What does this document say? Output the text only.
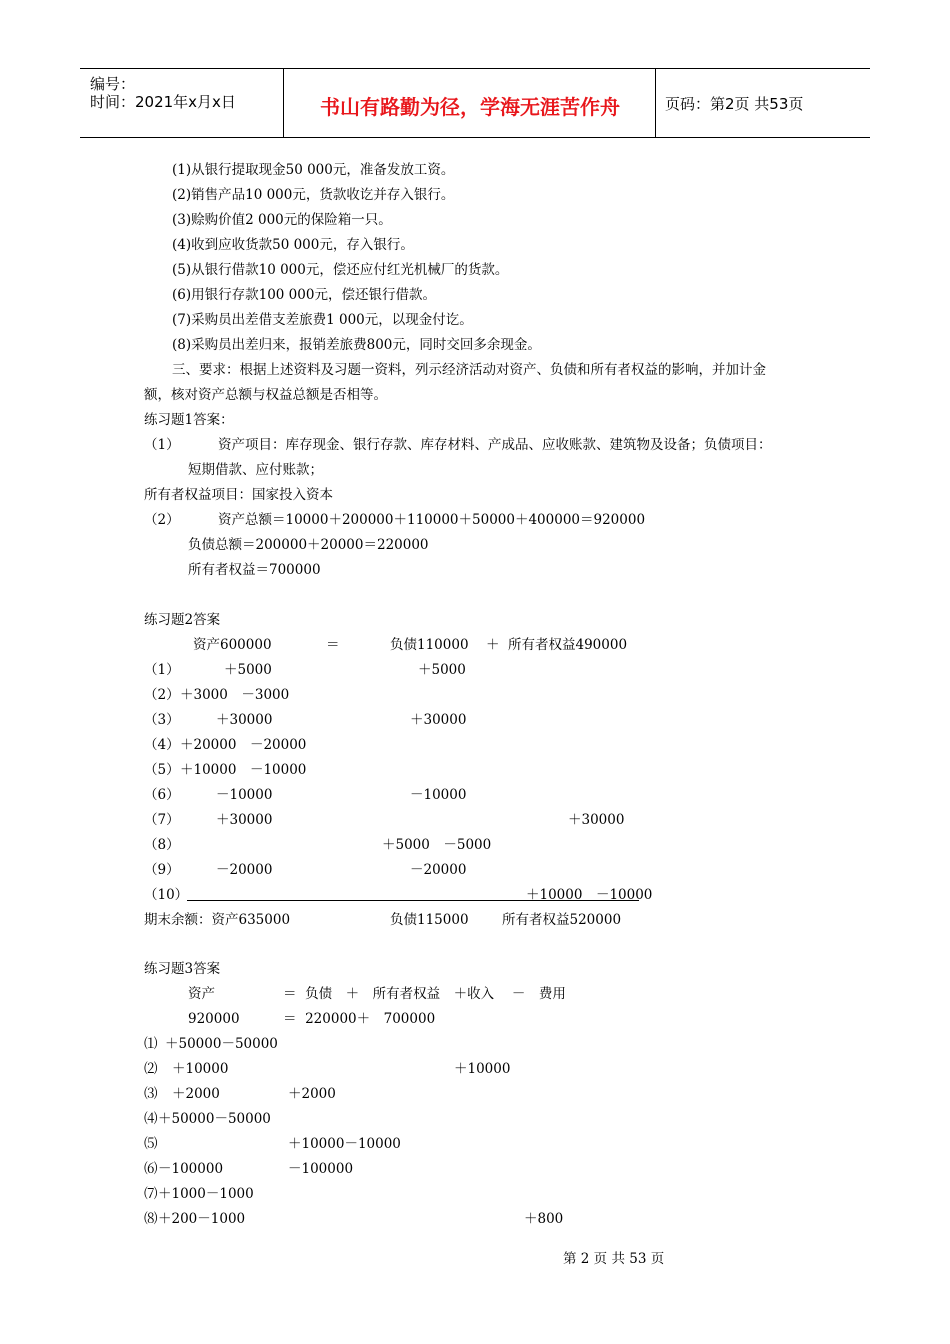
编号：
时间：2021年x月x日	书山有路勤为径，学海无涯苦作舟	页码：第2页 共53页
(1)从银行提取现金50 000元，准备发放工资。
(2)销售产品10 000元，货款收讫并存入银行。
(3)赊购价值2 000元的保险箱一只。
(4)收到应收货款50 000元，存入银行。
(5)从银行借款10 000元，偿还应付红光机械厂的货款。
(6)用银行存款100 000元，偿还银行借款。
(7)采购员出差借支差旅费1 000元，以现金付讫。
(8)采购员出差归来，报销差旅费800元，同时交回多余现金。
三、要求：根据上述资料及习题一资料，列示经济活动对资产、负债和所有者权益的影响，并加计金
额，核对资产总额与权益总额是否相等。
练习题1答案：
（1）	资产项目：库存现金、银行存款、库存材料、产成品、应收账款、建筑物及设备；负债项目：
短期借款、应付账款；
所有者权益项目：国家投入资本
（2）	资产总额＝10000＋200000＋110000＋50000＋400000＝920000
负债总额＝200000＋20000＝220000
所有者权益＝700000
练习题2答案
资产600000	＝	负债110000 ＋ 所有者权益490000
（1）	＋5000	＋5000
（2） ＋3000　－3000
（3）	＋30000	＋30000
（4） ＋20000　－20000
（5） ＋10000　－10000
（6）	－10000	－10000
（7）	＋30000	＋30000
（8）	＋5000　－5000
（9）	－20000	－20000
（10）	＋10000　－10000
期末余额：资产635000	负债115000 所有者权益520000
练习题3答案
资产	＝  负债　＋　所有者权益　＋收入　 －　费用
920000	＝  220000＋　700000
⑴ ＋50000－50000
⑵ ＋10000	＋10000
⑶ ＋2000	＋2000
⑷ ＋50000－50000
⑸	＋10000－10000
⑹ －100000	－100000
⑺ ＋1000－1000
⑻ ＋200－1000	＋800
第 2 页 共 53 页
